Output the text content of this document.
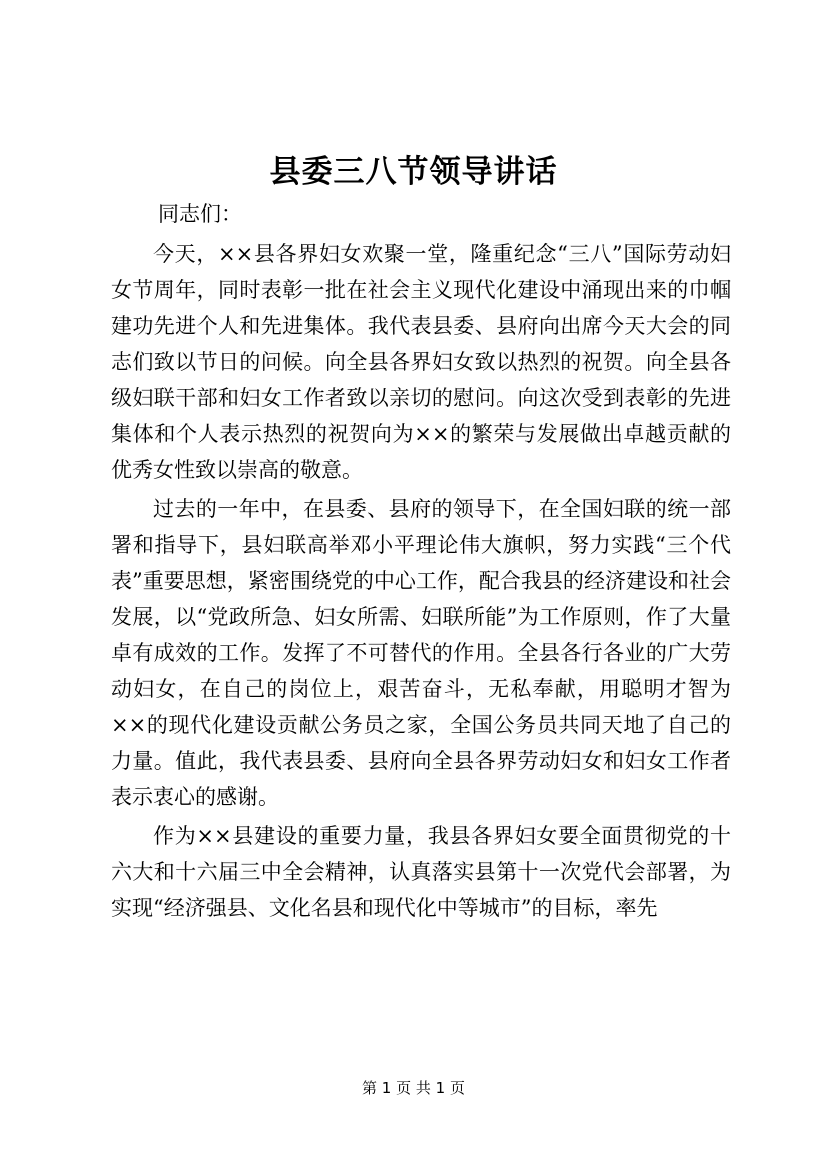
县委三八节领导讲话
同志们：

今天，××县各界妇女欢聚一堂，隆重纪念“三八”国际劳动妇女节周年，同时表彰一批在社会主义现代化建设中涌现出来的巾帼建功先进个人和先进集体。我代表县委、县府向出席今天大会的同志们致以节日的问候。向全县各界妇女致以热烈的祝贺。向全县各级妇联干部和妇女工作者致以亲切的慰问。向这次受到表彰的先进集体和个人表示热烈的祝贺向为××的繁荣与发展做出卓越贡献的优秀女性致以崇高的敬意。

过去的一年中，在县委、县府的领导下，在全国妇联的统一部署和指导下，县妇联高举邓小平理论伟大旗帜，努力实践“三个代表”重要思想，紧密围绕党的中心工作，配合我县的经济建设和社会发展，以“党政所急、妇女所需、妇联所能”为工作原则，作了大量卓有成效的工作。发挥了不可替代的作用。全县各行各业的广大劳动妇女，在自己的岗位上，艰苦奋斗，无私奉献，用聪明才智为××的现代化建设贡献公务员之家，全国公务员共同天地了自己的力量。值此，我代表县委、县府向全县各界劳动妇女和妇女工作者表示衷心的感谢。

作为××县建设的重要力量，我县各界妇女要全面贯彻党的十六大和十六届三中全会精神，认真落实县第十一次党代会部署，为实现“经济强县、文化名县和现代化中等城市”的目标，率先

第 1 页 共 1 页
